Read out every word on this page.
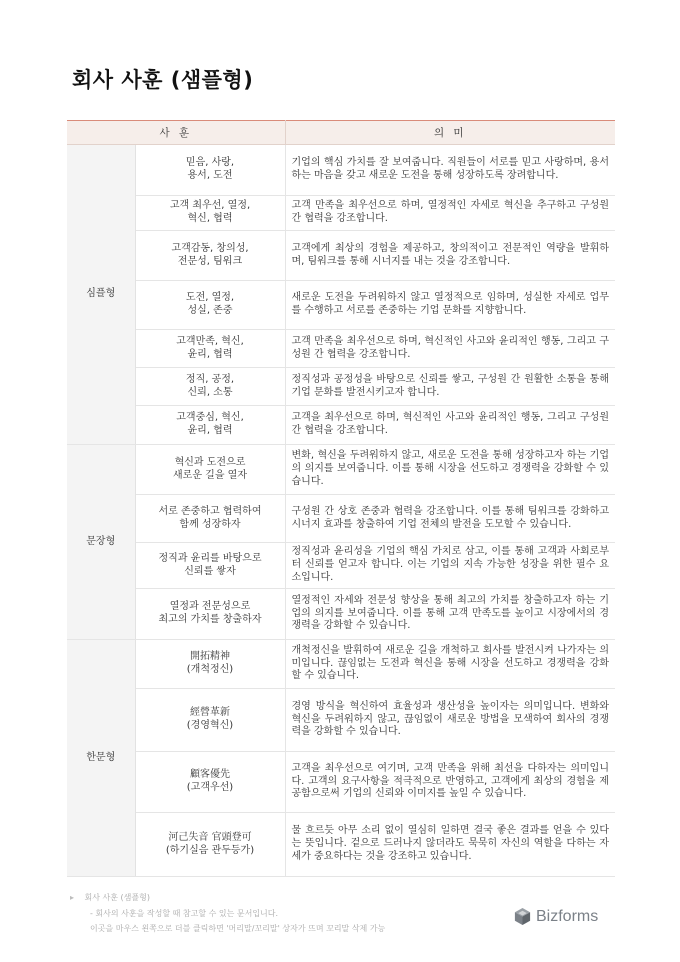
회사 사훈 (샘플형)
사 훈		의 미
심플형	믿음, 사랑,
용서, 도전	기업의 핵심 가치를 잘 보여줍니다. 직원들이 서로를 믿고 사랑하며, 용서하는 마음을 갖고 새로운 도전을 통해 성장하도록 장려합니다.

	고객 최우선, 열정,
혁신, 협력	고객 만족을 최우선으로 하며, 열정적인 자세로 혁신을 추구하고 구성원 간 협력을 강조합니다.

	고객감동, 창의성,
전문성, 팀워크	고객에게 최상의 경험을 제공하고, 창의적이고 전문적인 역량을 발휘하며, 팀워크를 통해 시너지를 내는 것을 강조합니다.

	도전, 열정,
성실, 존중	새로운 도전을 두려워하지 않고 열정적으로 임하며, 성실한 자세로 업무를 수행하고 서로를 존중하는 기업 문화를 지향합니다.

	고객만족, 혁신,
윤리, 협력	고객 만족을 최우선으로 하며, 혁신적인 사고와 윤리적인 행동, 그리고 구성원 간 협력을 강조합니다.

	정직, 공정,
신뢰, 소통	정직성과 공정성을 바탕으로 신뢰를 쌓고, 구성원 간 원활한 소통을 통해 기업 문화를 발전시키고자 합니다.

	고객중심, 혁신,
윤리, 협력	고객을 최우선으로 하며, 혁신적인 사고와 윤리적인 행동, 그리고 구성원 간 협력을 강조합니다.
문장형	혁신과 도전으로
새로운 길을 열자	변화, 혁신을 두려워하지 않고, 새로운 도전을 통해 성장하고자 하는 기업의 의지를 보여줍니다. 이를 통해 시장을 선도하고 경쟁력을 강화할 수 있습니다.

	서로 존중하고 협력하여
함께 성장하자	구성원 간 상호 존중과 협력을 강조합니다. 이를 통해 팀워크를 강화하고 시너지 효과를 창출하여 기업 전체의 발전을 도모할 수 있습니다.

	정직과 윤리를 바탕으로
신뢰를 쌓자	정직성과 윤리성을 기업의 핵심 가치로 삼고, 이를 통해 고객과 사회로부터 신뢰를 얻고자 합니다. 이는 기업의 지속 가능한 성장을 위한 필수 요소입니다.

	열정과 전문성으로
최고의 가치를 창출하자	열정적인 자세와 전문성 향상을 통해 최고의 가치를 창출하고자 하는 기업의 의지를 보여줍니다. 이를 통해 고객 만족도를 높이고 시장에서의 경쟁력을 강화할 수 있습니다.
한문형	開拓精神
(개척정신)	개척정신을 발휘하여 새로운 길을 개척하고 회사를 발전시켜 나가자는 의미입니다. 끊임없는 도전과 혁신을 통해 시장을 선도하고 경쟁력을 강화할 수 있습니다.

	經營革新
(경영혁신)	경영 방식을 혁신하여 효율성과 생산성을 높이자는 의미입니다. 변화와 혁신을 두려워하지 않고, 끊임없이 새로운 방법을 모색하여 회사의 경쟁력을 강화할 수 있습니다.

	顧客優先
(고객우선)	고객을 최우선으로 여기며, 고객 만족을 위해 최선을 다하자는 의미입니다. 고객의 요구사항을 적극적으로 반영하고, 고객에게 최상의 경험을 제공함으로써 기업의 신뢰와 이미지를 높일 수 있습니다.

	河己失音 官頭登可
(하기실음 관두등가)	물 흐르듯 아무 소리 없이 열심히 일하면 결국 좋은 결과를 얻을 수 있다는 뜻입니다. 겉으로 드러나지 않더라도 묵묵히 자신의 역할을 다하는 자세가 중요하다는 것을 강조하고 있습니다.
▸ 회사 사훈 (샘플형)
- 회사의 사훈을 작성할 때 참고할 수 있는 문서입니다.
이곳을 마우스 왼쪽으로 더블 클릭하면 '머리말/꼬리말' 상자가 뜨며 꼬리말 삭제 가능
Bizforms
